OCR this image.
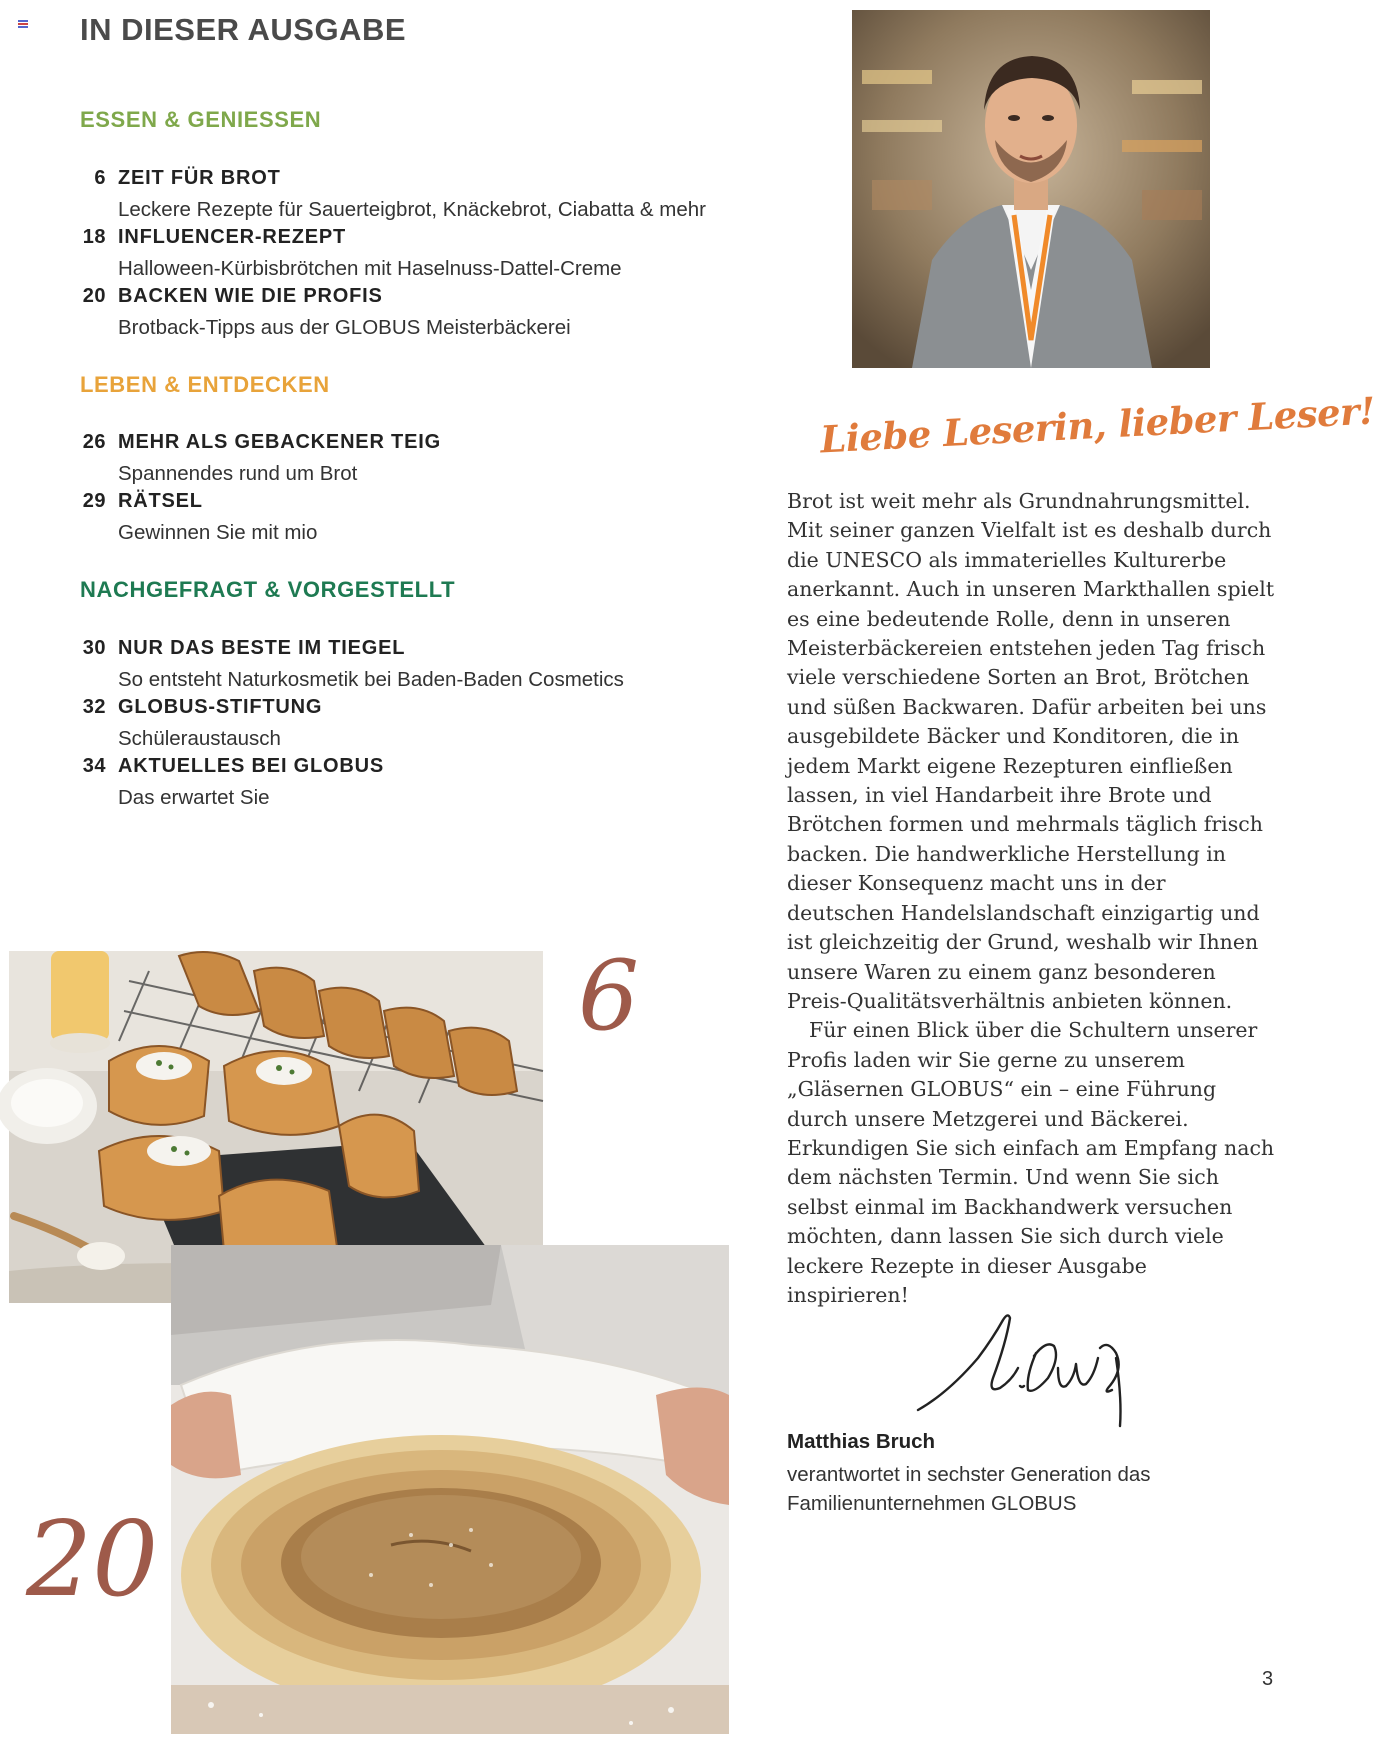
IN DIESER AUSGABE
ESSEN & GENIESSEN
6 ZEIT FÜR BROT
Leckere Rezepte für Sauerteigbrot, Knäckebrot, Ciabatta & mehr
18 INFLUENCER-REZEPT
Halloween-Kürbisbrötchen mit Haselnuss-Dattel-Creme
20 BACKEN WIE DIE PROFIS
Brotback-Tipps aus der GLOBUS Meisterbäckerei
LEBEN & ENTDECKEN
26 MEHR ALS GEBACKENER TEIG
Spannendes rund um Brot
29 RÄTSEL
Gewinnen Sie mit mio
NACHGEFRAGT & VORGESTELLT
30 NUR DAS BESTE IM TIEGEL
So entsteht Naturkosmetik bei Baden-Baden Cosmetics
32 GLOBUS-STIFTUNG
Schüleraustausch
34 AKTUELLES BEI GLOBUS
Das erwartet Sie
Liebe Leserin, lieber Leser!

Brot ist weit mehr als Grundnahrungsmittel. Mit seiner ganzen Vielfalt ist es deshalb durch die UNESCO als immaterielles Kulturerbe anerkannt. Auch in unseren Markthallen spielt es eine bedeutende Rolle, denn in unseren Meisterbäckereien entstehen jeden Tag frisch viele verschiedene Sorten an Brot, Brötchen und süßen Backwaren. Dafür arbeiten bei uns ausgebildete Bäcker und Konditoren, die in jedem Markt eigene Rezepturen einfließen lassen, in viel Handarbeit ihre Brote und Brötchen formen und mehrmals täglich frisch backen. Die handwerkliche Herstellung in dieser Konsequenz macht uns in der deutschen Handelslandschaft einzigartig und ist gleichzeitig der Grund, weshalb wir Ihnen unsere Waren zu einem ganz besonderen Preis-Qualitätsverhältnis anbieten können.

Für einen Blick über die Schultern unserer Profis laden wir Sie gerne zu unserem „Gläsernen GLOBUS“ ein – eine Führung durch unsere Metzgerei und Bäckerei. Erkundigen Sie sich einfach am Empfang nach dem nächsten Termin. Und wenn Sie sich selbst einmal im Backhandwerk versuchen möchten, dann lassen Sie sich durch viele leckere Rezepte in dieser Ausgabe inspirieren!

Matthias Bruch
verantwortet in sechster Generation das Familienunternehmen GLOBUS
6
20
3
